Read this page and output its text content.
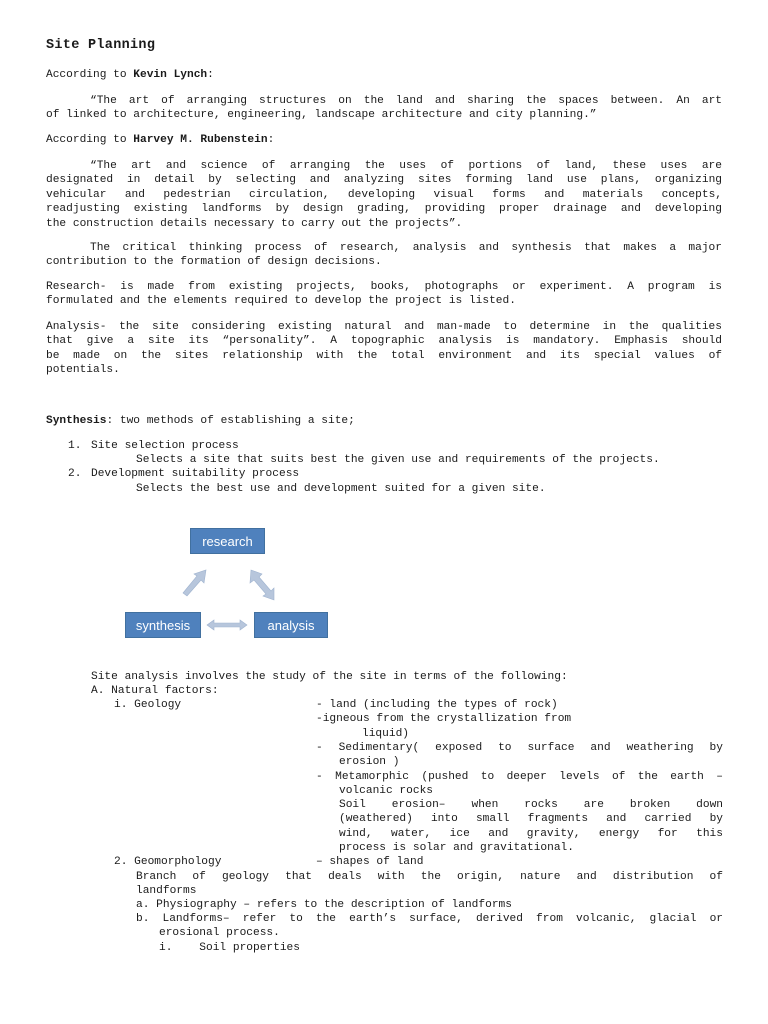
Site Planning
According to Kevin Lynch:
“The art of arranging structures on the land and sharing the spaces between. An art
of linked to architecture, engineering, landscape architecture and city planning.”
According to Harvey M. Rubenstein:
“The art and science of arranging the uses of portions of land, these uses are
designated in detail by selecting and analyzing sites forming land use plans, organizing
vehicular and pedestrian circulation, developing visual forms and materials concepts,
readjusting existing landforms by design grading, providing proper drainage and developing
the construction details necessary to carry out the projects”.
The critical thinking process of research, analysis and synthesis that makes a major
contribution to the formation of design decisions.
Research- is made from existing projects, books, photographs or experiment. A program is
formulated and the elements required to develop the project is listed.
Analysis- the site considering existing natural and man-made to determine in the qualities
that give a site its “personality”. A topographic analysis is mandatory. Emphasis should
be made on the sites relationship with the total environment and its special values of
potentials.
Synthesis: two methods of establishing a site;
1. Site selection process
Selects a site that suits best the given use and requirements of the projects.
2. Development suitability process
Selects the best use and development suited for a given site.
research
synthesis	analysis
Site analysis involves the study of the site in terms of the following:
A. Natural factors:
i. Geology	- land (including the types of rock)
-igneous from the crystallization from
liquid)
- Sedimentary( exposed to surface and weathering by
erosion )
- Metamorphic (pushed to deeper levels of the earth –
volcanic rocks
Soil erosion– when rocks are broken down
(weathered) into small fragments and carried by
wind, water, ice and gravity, energy for this
process is solar and gravitational.
2. Geomorphology	– shapes of land
Branch of geology that deals with the origin, nature and distribution of
landforms
a. Physiography – refers to the description of landforms
b. Landforms– refer to the earth’s surface, derived from volcanic, glacial or
erosional process.
i.    Soil properties
